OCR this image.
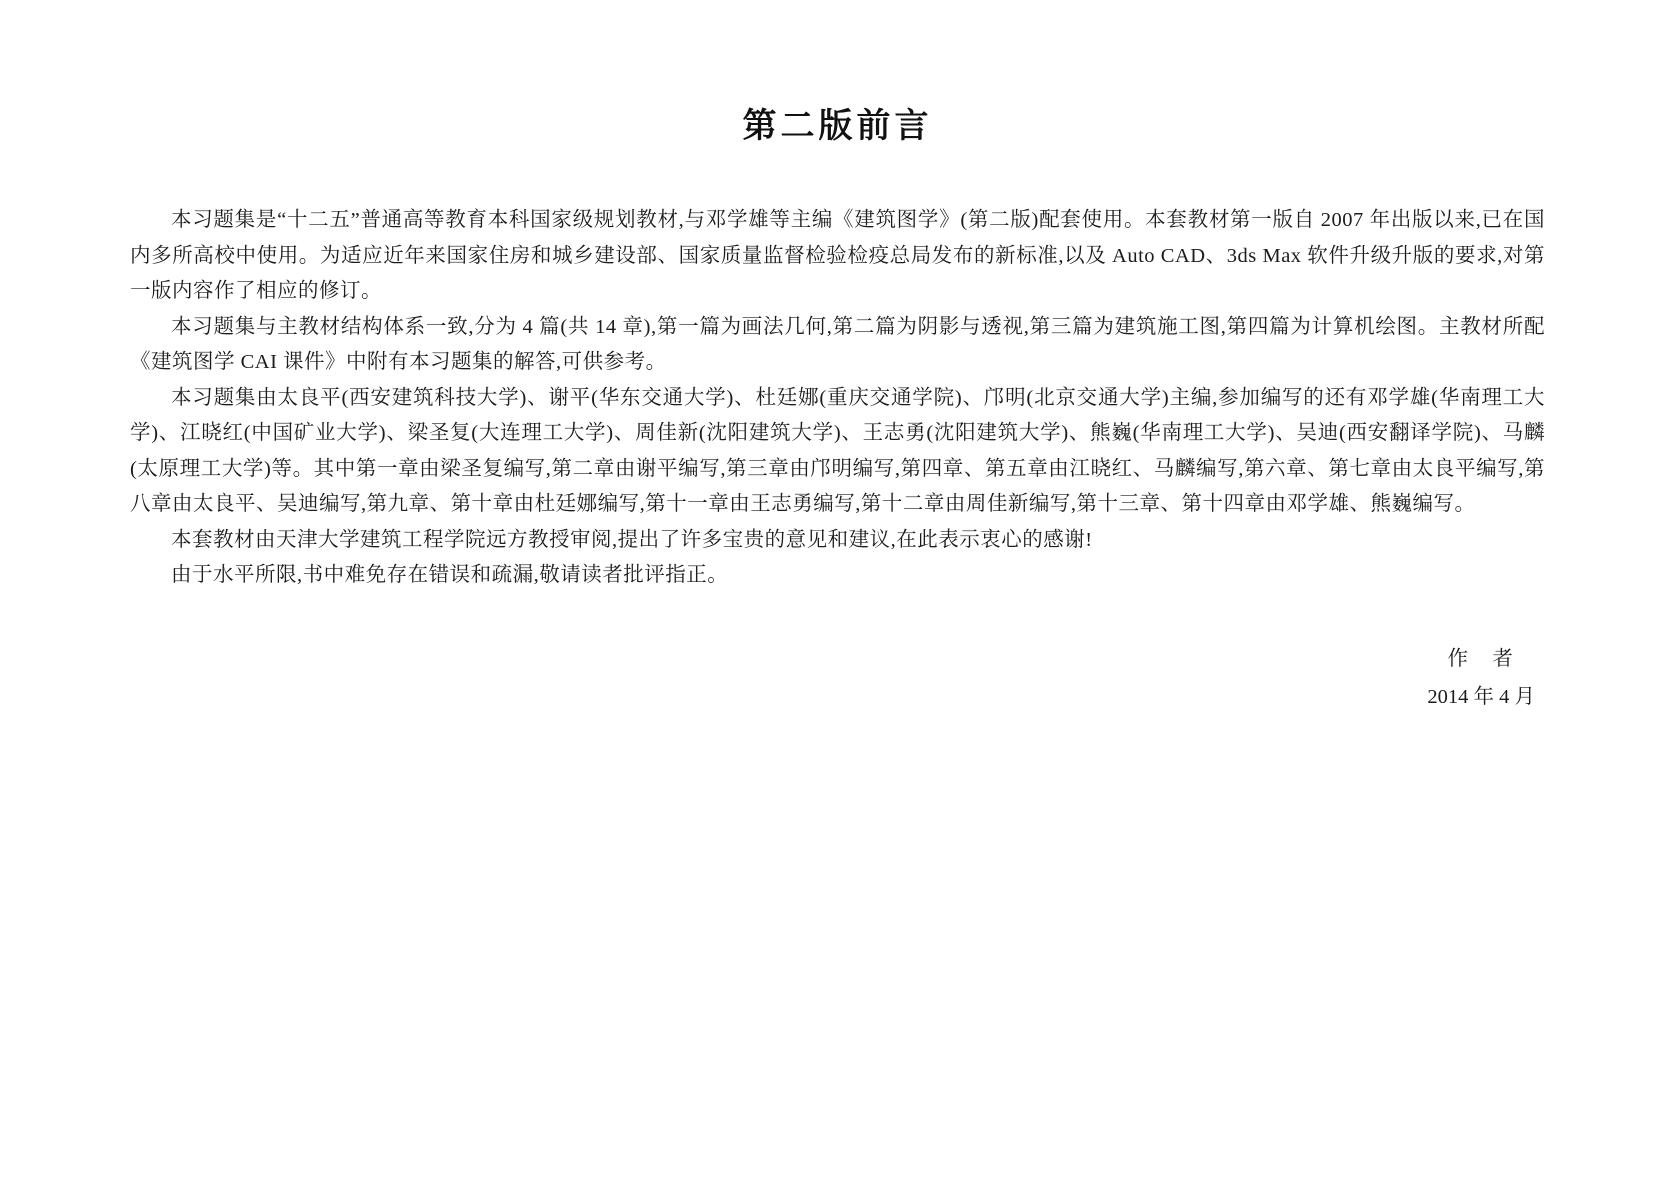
第二版前言

本习题集是“十二五”普通高等教育本科国家级规划教材,与邓学雄等主编《建筑图学》(第二版)配套使用。本套教材第一版自 2007 年出版以来,已在国内多所高校中使用。为适应近年来国家住房和城乡建设部、国家质量监督检验检疫总局发布的新标准,以及 Auto CAD、3ds Max 软件升级升版的要求,对第一版内容作了相应的修订。

本习题集与主教材结构体系一致,分为 4 篇(共 14 章),第一篇为画法几何,第二篇为阴影与透视,第三篇为建筑施工图,第四篇为计算机绘图。主教材所配《建筑图学 CAI 课件》中附有本习题集的解答,可供参考。

本习题集由太良平(西安建筑科技大学)、谢平(华东交通大学)、杜廷娜(重庆交通学院)、邝明(北京交通大学)主编,参加编写的还有邓学雄(华南理工大学)、江晓红(中国矿业大学)、梁圣复(大连理工大学)、周佳新(沈阳建筑大学)、王志勇(沈阳建筑大学)、熊巍(华南理工大学)、吴迪(西安翻译学院)、马麟(太原理工大学)等。其中第一章由梁圣复编写,第二章由谢平编写,第三章由邝明编写,第四章、第五章由江晓红、马麟编写,第六章、第七章由太良平编写,第八章由太良平、吴迪编写,第九章、第十章由杜廷娜编写,第十一章由王志勇编写,第十二章由周佳新编写,第十三章、第十四章由邓学雄、熊巍编写。

本套教材由天津大学建筑工程学院远方教授审阅,提出了许多宝贵的意见和建议,在此表示衷心的感谢!

由于水平所限,书中难免存在错误和疏漏,敬请读者批评指正。

作　者
2014 年 4 月
